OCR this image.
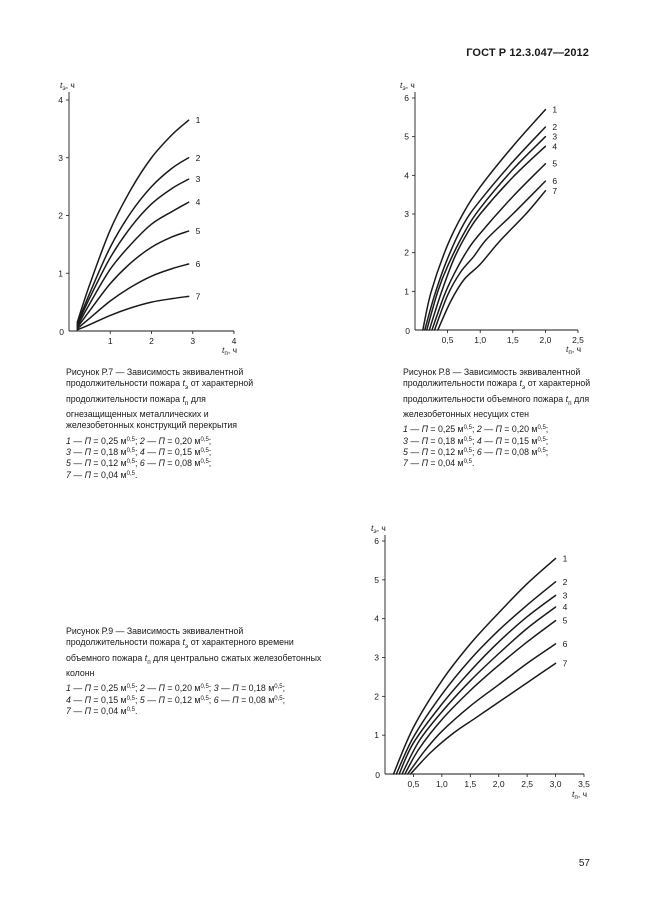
ГОСТ Р 12.3.047—2012
1
2
3
4
0
1	2	3	4
$t_э$, ч
$t_п$, ч
1
2
3
4
5
6
7
1
2
3
4
5
6
0
0,5 1,0 1,5 2,0 2,5
$t_э$, ч
$t_п$, ч
1
2
3
4
5
6
7
1
2
3
4
5
6
0
0,5 1,0 1,5 2,0 2,5 3,0 3,5
$t_э$, ч
$t_п$, ч
1
2
3
4
5
6
7
Рисунок Р.7 — Зависимость эквивалентной продолжительности пожара $t_э$ от характерной продолжительности пожара $t_п$ для огнезащищенных металлических и железобетонных конструкций перекрытия
1 — П = 0,25 $м^{0,5}$; 2 — П = 0,20 $м^{0,5}$;
3 — П = 0,18 $м^{0,5}$; 4 — П = 0,15 $м^{0,5}$;
5 — П = 0,12 $м^{0,5}$; 6 — П = 0,08 $м^{0,5}$;
7 — П = 0,04 $м^{0,5}$.
Рисунок Р.8 — Зависимость эквивалентной продолжительности пожара $t_э$ от характерной продолжительности объемного пожара $t_п$ для железобетонных несущих стен
1 — П = 0,25 $м^{0,5}$; 2 — П = 0,20 $м^{0,5}$;
3 — П = 0,18 $м^{0,5}$; 4 — П = 0,15 $м^{0,5}$;
5 — П = 0,12 $м^{0,5}$; 6 — П = 0,08 $м^{0,5}$;
7 — П = 0,04 $м^{0,5}$.
Рисунок Р.9 — Зависимость эквивалентной продолжительности пожара $t_э$ от характерного времени объемного пожара $t_п$ для центрально сжатых железобетонных колонн
1 — П = 0,25 $м^{0,5}$; 2 — П = 0,20 $м^{0,5}$; 3 — П = 0,18 $м^{0,5}$;
4 — П = 0,15 $м^{0,5}$; 5 — П = 0,12 $м^{0,5}$; 6 — П = 0,08 $м^{0,5}$;
7 — П = 0,04 $м^{0,5}$.
57
